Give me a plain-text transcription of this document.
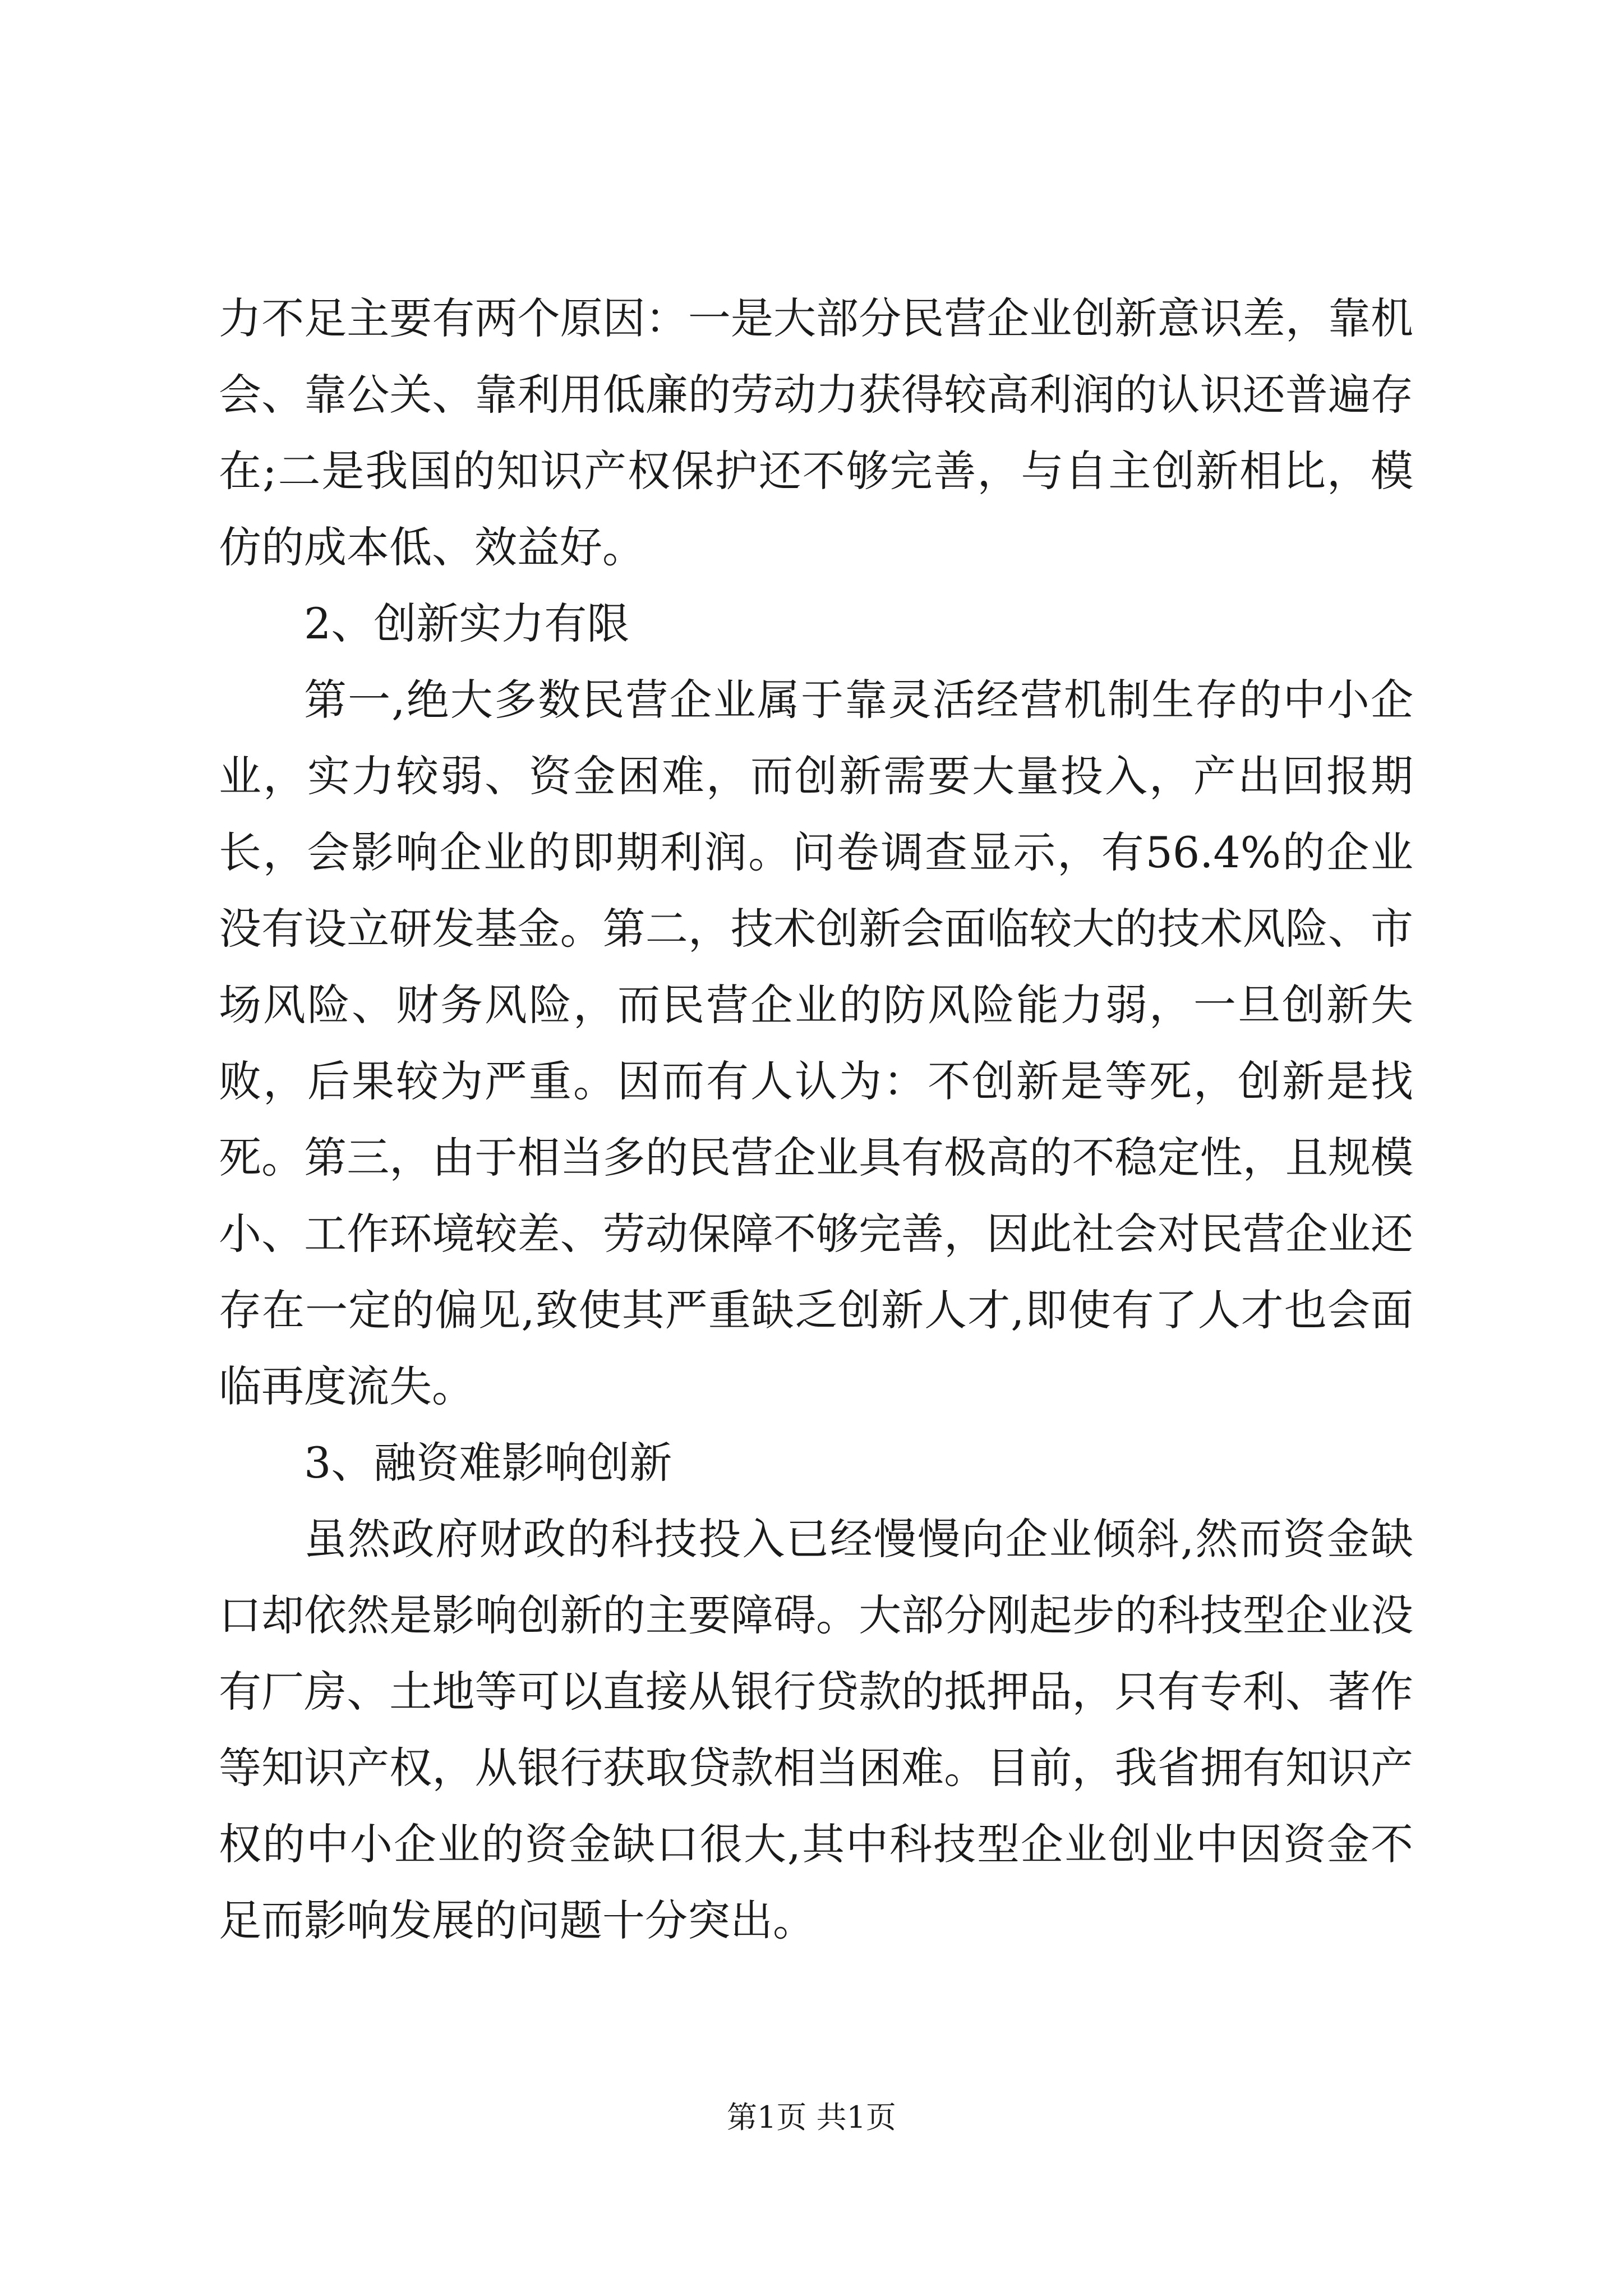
力不足主要有两个原因：一是大部分民营企业创新意识差，靠机会、靠公关、靠利用低廉的劳动力获得较高利润的认识还普遍存在;二是我国的知识产权保护还不够完善，与自主创新相比，模仿的成本低、效益好。

2、创新实力有限

第一,绝大多数民营企业属于靠灵活经营机制生存的中小企业，实力较弱、资金困难，而创新需要大量投入，产出回报期长，会影响企业的即期利润。问卷调查显示，有56.4%的企业没有设立研发基金。第二，技术创新会面临较大的技术风险、市场风险、财务风险，而民营企业的防风险能力弱，一旦创新失败，后果较为严重。因而有人认为：不创新是等死，创新是找死。第三，由于相当多的民营企业具有极高的不稳定性，且规模小、工作环境较差、劳动保障不够完善，因此社会对民营企业还存在一定的偏见,致使其严重缺乏创新人才,即使有了人才也会面临再度流失。

3、融资难影响创新

虽然政府财政的科技投入已经慢慢向企业倾斜,然而资金缺口却依然是影响创新的主要障碍。大部分刚起步的科技型企业没有厂房、土地等可以直接从银行贷款的抵押品，只有专利、著作等知识产权，从银行获取贷款相当困难。目前，我省拥有知识产权的中小企业的资金缺口很大,其中科技型企业创业中因资金不足而影响发展的问题十分突出。

第1页 共1页
